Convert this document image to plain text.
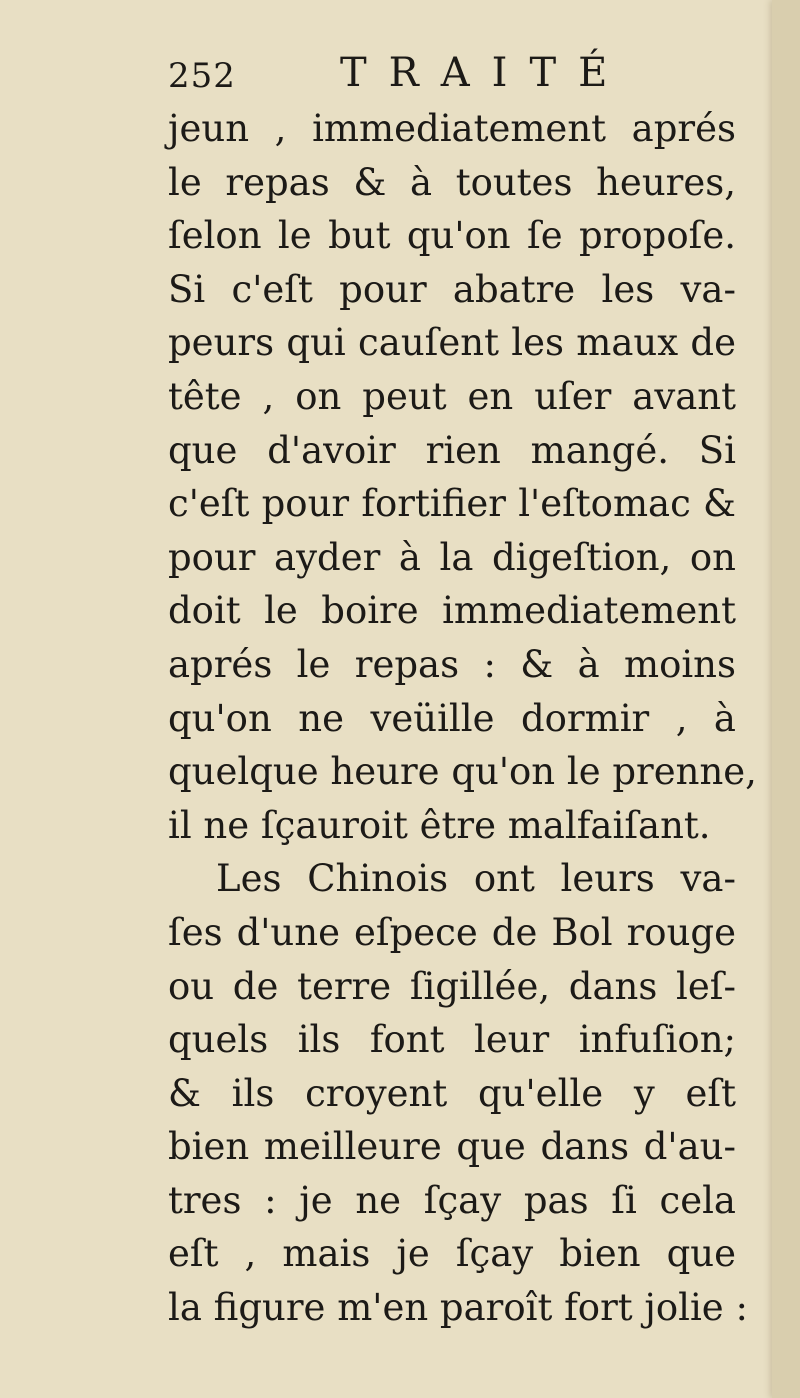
252	TRAITÉ
jeun , immediatement aprés
le repas & à toutes heures,
ſelon le but qu'on ſe propoſe.
Si c'eſt pour abatre les va-
peurs qui cauſent les maux de
tête , on peut en uſer avant
que d'avoir rien mangé. Si
c'eſt pour fortifier l'eſtomac &
pour ayder à la digeſtion, on
doit le boire immediatement
aprés le repas : & à moins
qu'on ne veüille dormir , à
quelque heure qu'on le prenne,
il ne ſçauroit être malfaiſant.
Les Chinois ont leurs va-
ſes d'une eſpece de Bol rouge
ou de terre ſigillée, dans leſ-
quels ils font leur infuſion;
& ils croyent qu'elle y eſt
bien meilleure que dans d'au-
tres : je ne ſçay pas ſi cela
eſt , mais je ſçay bien que
la figure m'en paroît fort jolie :
